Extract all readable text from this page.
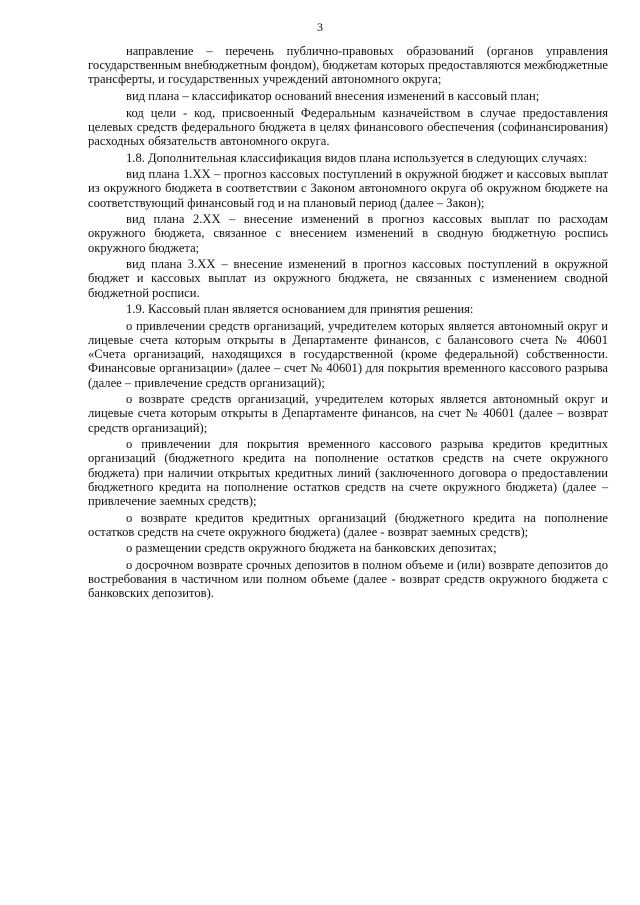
3

направление – перечень публично-правовых образований (органов управления государственным внебюджетным фондом), бюджетам которых предоставляются межбюджетные трансферты, и государственных учреждений автономного округа;

вид плана – классификатор оснований внесения изменений в кассовый план;

код цели - код, присвоенный Федеральным казначейством в случае предоставления целевых средств федерального бюджета в целях финансового обеспечения (софинансирования) расходных обязательств автономного округа.

1.8. Дополнительная классификация видов плана используется в следующих случаях:

вид плана 1.XX – прогноз кассовых поступлений в окружной бюджет и кассовых выплат из окружного бюджета в соответствии с Законом автономного округа об окружном бюджете на соответствующий финансовый год и на плановый период (далее – Закон);

вид плана 2.XX – внесение изменений в прогноз кассовых выплат по расходам окружного бюджета, связанное с внесением изменений в сводную бюджетную роспись окружного бюджета;

вид плана 3.XX – внесение изменений в прогноз кассовых поступлений в окружной бюджет и кассовых выплат из окружного бюджета, не связанных с изменением сводной бюджетной росписи.

1.9. Кассовый план является основанием для принятия решения:

о привлечении средств организаций, учредителем которых является автономный округ и лицевые счета которым открыты в Департаменте финансов, с балансового счета № 40601 «Счета организаций, находящихся в государственной (кроме федеральной) собственности. Финансовые организации» (далее – счет № 40601) для покрытия временного кассового разрыва (далее – привлечение средств организаций);

о возврате средств организаций, учредителем которых является автономный округ и лицевые счета которым открыты в Департаменте финансов, на счет № 40601 (далее – возврат средств организаций);

о привлечении для покрытия временного кассового разрыва кредитов кредитных организаций (бюджетного кредита на пополнение остатков средств на счете окружного бюджета) при наличии открытых кредитных линий (заключенного договора о предоставлении бюджетного кредита на пополнение остатков средств на счете окружного бюджета) (далее – привлечение заемных средств);

о возврате кредитов кредитных организаций (бюджетного кредита на пополнение остатков средств на счете окружного бюджета) (далее - возврат заемных средств);

о размещении средств окружного бюджета на банковских депозитах;

о досрочном возврате срочных депозитов в полном объеме и (или) возврате депозитов до востребования в частичном или полном объеме (далее - возврат средств окружного бюджета с банковских депозитов).
